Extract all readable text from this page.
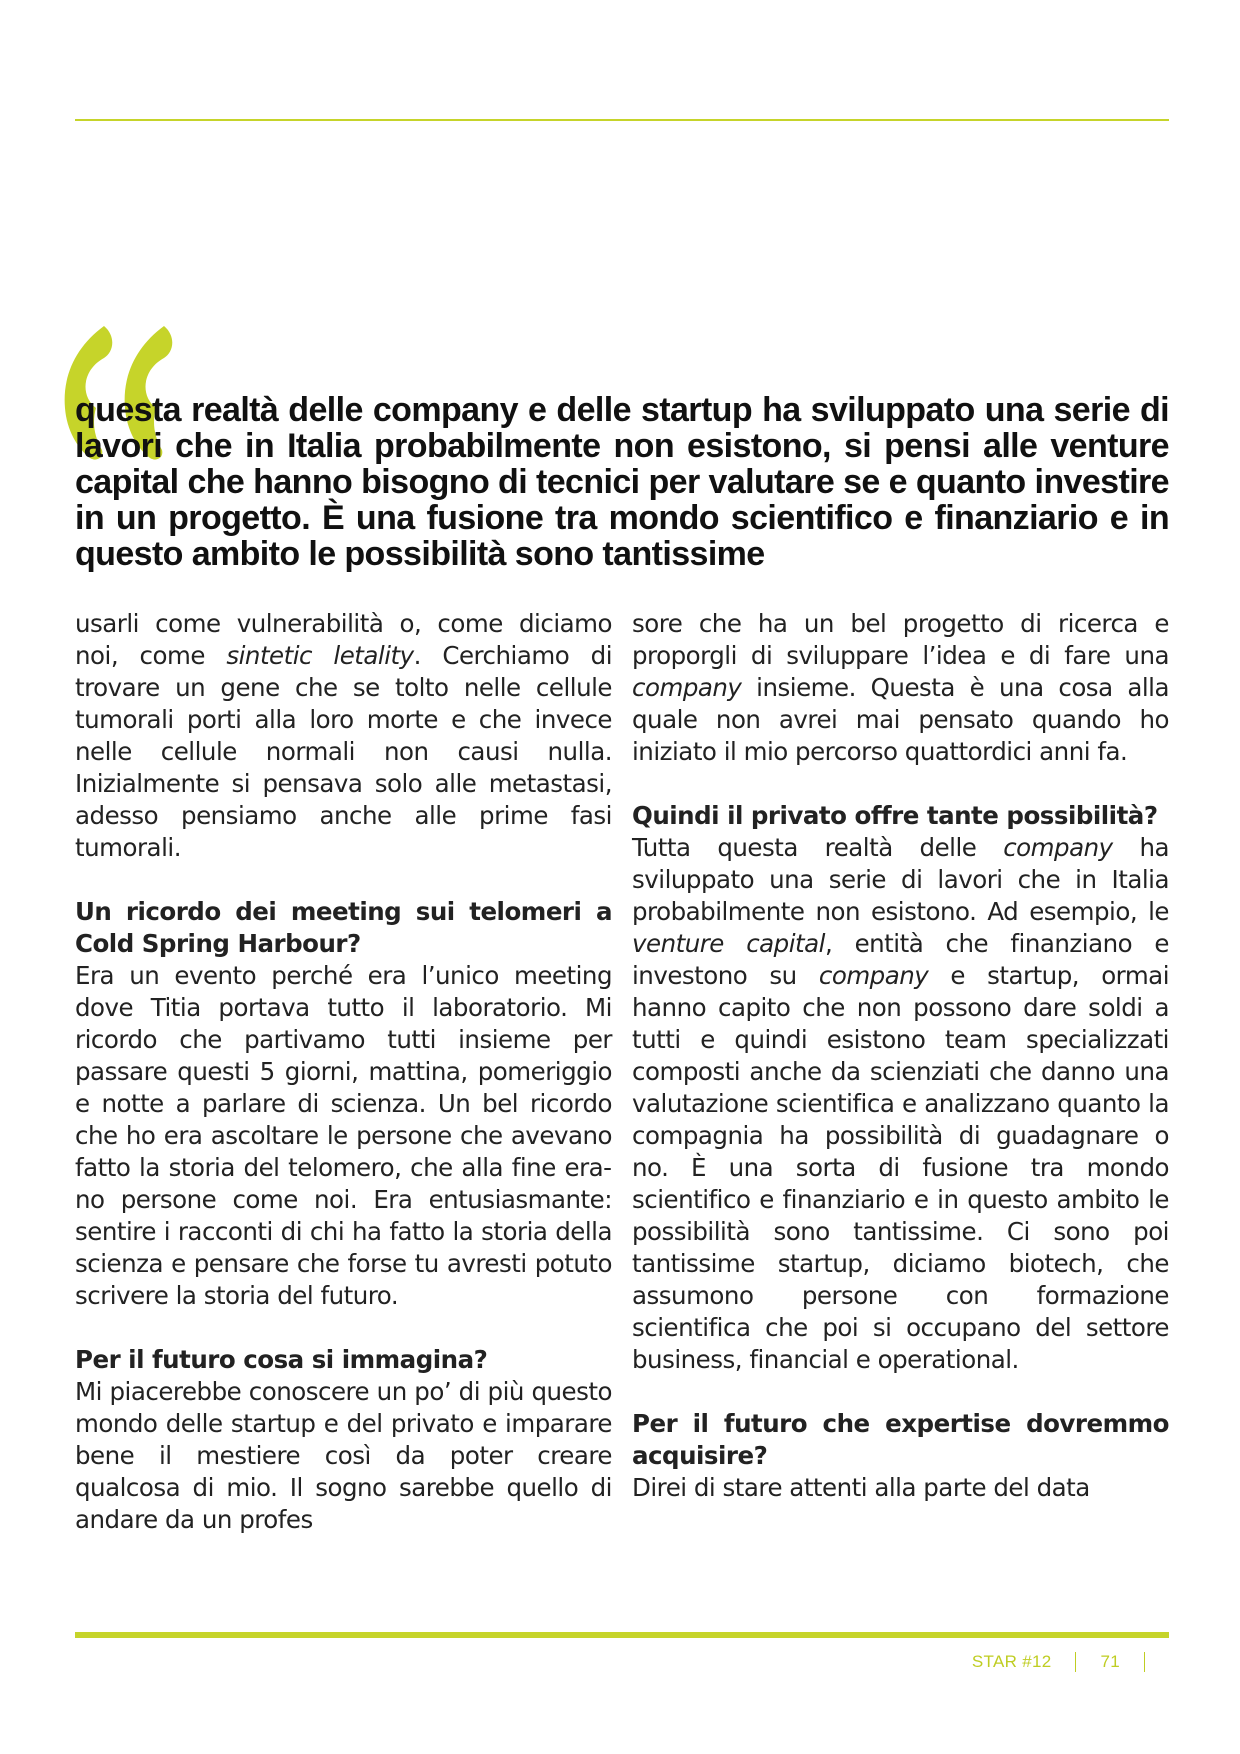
questa realtà delle company e delle startup ha sviluppato una serie di lavori che in Italia probabilmente non esistono, si pensi alle venture capital che hanno bisogno di tecnici per valutare se e quanto investire in un progetto. È una fusione tra mondo scientifico e finanziario e in questo ambito le possibilità sono tantissime

usarli come vulnerabilità o, come diciamo noi, come sintetic letality. Cerchiamo di trovare un gene che se tolto nelle cellule tumorali porti alla loro morte e che invece nelle cellule normali non causi nulla. Inizialmente si pensava solo alle metastasi, adesso pensiamo anche alle prime fasi tumorali.

Un ricordo dei meeting sui telomeri a Cold Spring Harbour?

Era un evento perché era l’unico meeting dove Titia portava tutto il laboratorio. Mi ricordo che partivamo tutti insieme per passare questi 5 giorni, mattina, pomeriggio e notte a parlare di scienza. Un bel ricordo che ho era ascoltare le persone che avevano fatto la storia del telomero, che alla fine erano persone come noi. Era entusiasmante: sentire i racconti di chi ha fatto la storia della scienza e pensare che forse tu avresti potuto scrivere la storia del futuro.

Per il futuro cosa si immagina?

Mi piacerebbe conoscere un po’ di più questo mondo delle startup e del privato e imparare bene il mestiere così da poter creare qualcosa di mio. Il sogno sarebbe quello di andare da un profes

sore che ha un bel progetto di ricerca e proporgli di sviluppare l’idea e di fare una company insieme. Questa è una cosa alla quale non avrei mai pensato quando ho iniziato il mio percorso quattordici anni fa.

Quindi il privato offre tante possibilità?

Tutta questa realtà delle company ha sviluppato una serie di lavori che in Italia probabilmente non esistono. Ad esempio, le venture capital, entità che finanziano e investono su company e startup, ormai hanno capito che non possono dare soldi a tutti e quindi esistono team specializzati composti anche da scienziati che danno una valutazione scientifica e analizzano quanto la compagnia ha possibilità di guadagnare o no. È una sorta di fusione tra mondo scientifico e finanziario e in questo ambito le possibilità sono tantissime. Ci sono poi tantissime startup, diciamo biotech, che assumono persone con formazione scientifica che poi si occupano del settore business, financial e operational.

Per il futuro che expertise dovremmo acquisire?

Direi di stare attenti alla parte del data

STAR #12	71
